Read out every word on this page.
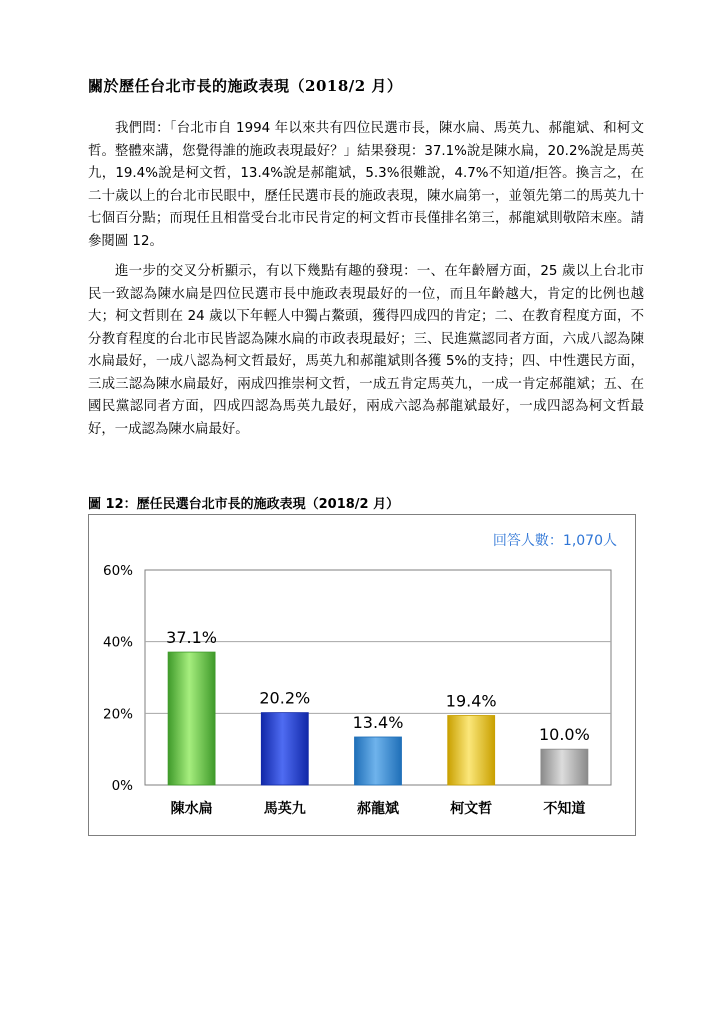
關於歷任台北市長的施政表現（2018/2 月）
我們問：「台北市自 1994 年以來共有四位民選市長，陳水扁、馬英九、郝龍斌、和柯文哲。整體來講，您覺得誰的施政表現最好？」結果發現：37.1%說是陳水扁，20.2%說是馬英九，19.4%說是柯文哲，13.4%說是郝龍斌，5.3%很難說，4.7%不知道/拒答。換言之，在二十歲以上的台北市民眼中，歷任民選市長的施政表現，陳水扁第一，並領先第二的馬英九十七個百分點；而現任且相當受台北市民肯定的柯文哲市長僅排名第三，郝龍斌則敬陪末座。請參閱圖 12。
進一步的交叉分析顯示，有以下幾點有趣的發現：一、在年齡層方面，25 歲以上台北市民一致認為陳水扁是四位民選市長中施政表現最好的一位，而且年齡越大，肯定的比例也越大；柯文哲則在 24 歲以下年輕人中獨占鰲頭，獲得四成四的肯定；二、在教育程度方面，不分教育程度的台北市民皆認為陳水扁的市政表現最好；三、民進黨認同者方面，六成八認為陳水扁最好，一成八認為柯文哲最好，馬英九和郝龍斌則各獲 5%的支持；四、中性選民方面，三成三認為陳水扁最好，兩成四推崇柯文哲，一成五肯定馬英九，一成一肯定郝龍斌；五、在國民黨認同者方面，四成四認為馬英九最好，兩成六認為郝龍斌最好，一成四認為柯文哲最好，一成認為陳水扁最好。
圖 12：歷任民選台北市長的施政表現（2018/2 月）
0%
20%
40%
60%
37.1%
陳水扁
20.2%
馬英九
13.4%
郝龍斌
19.4%
柯文哲
10.0%
不知道
回答人數：1,070人
